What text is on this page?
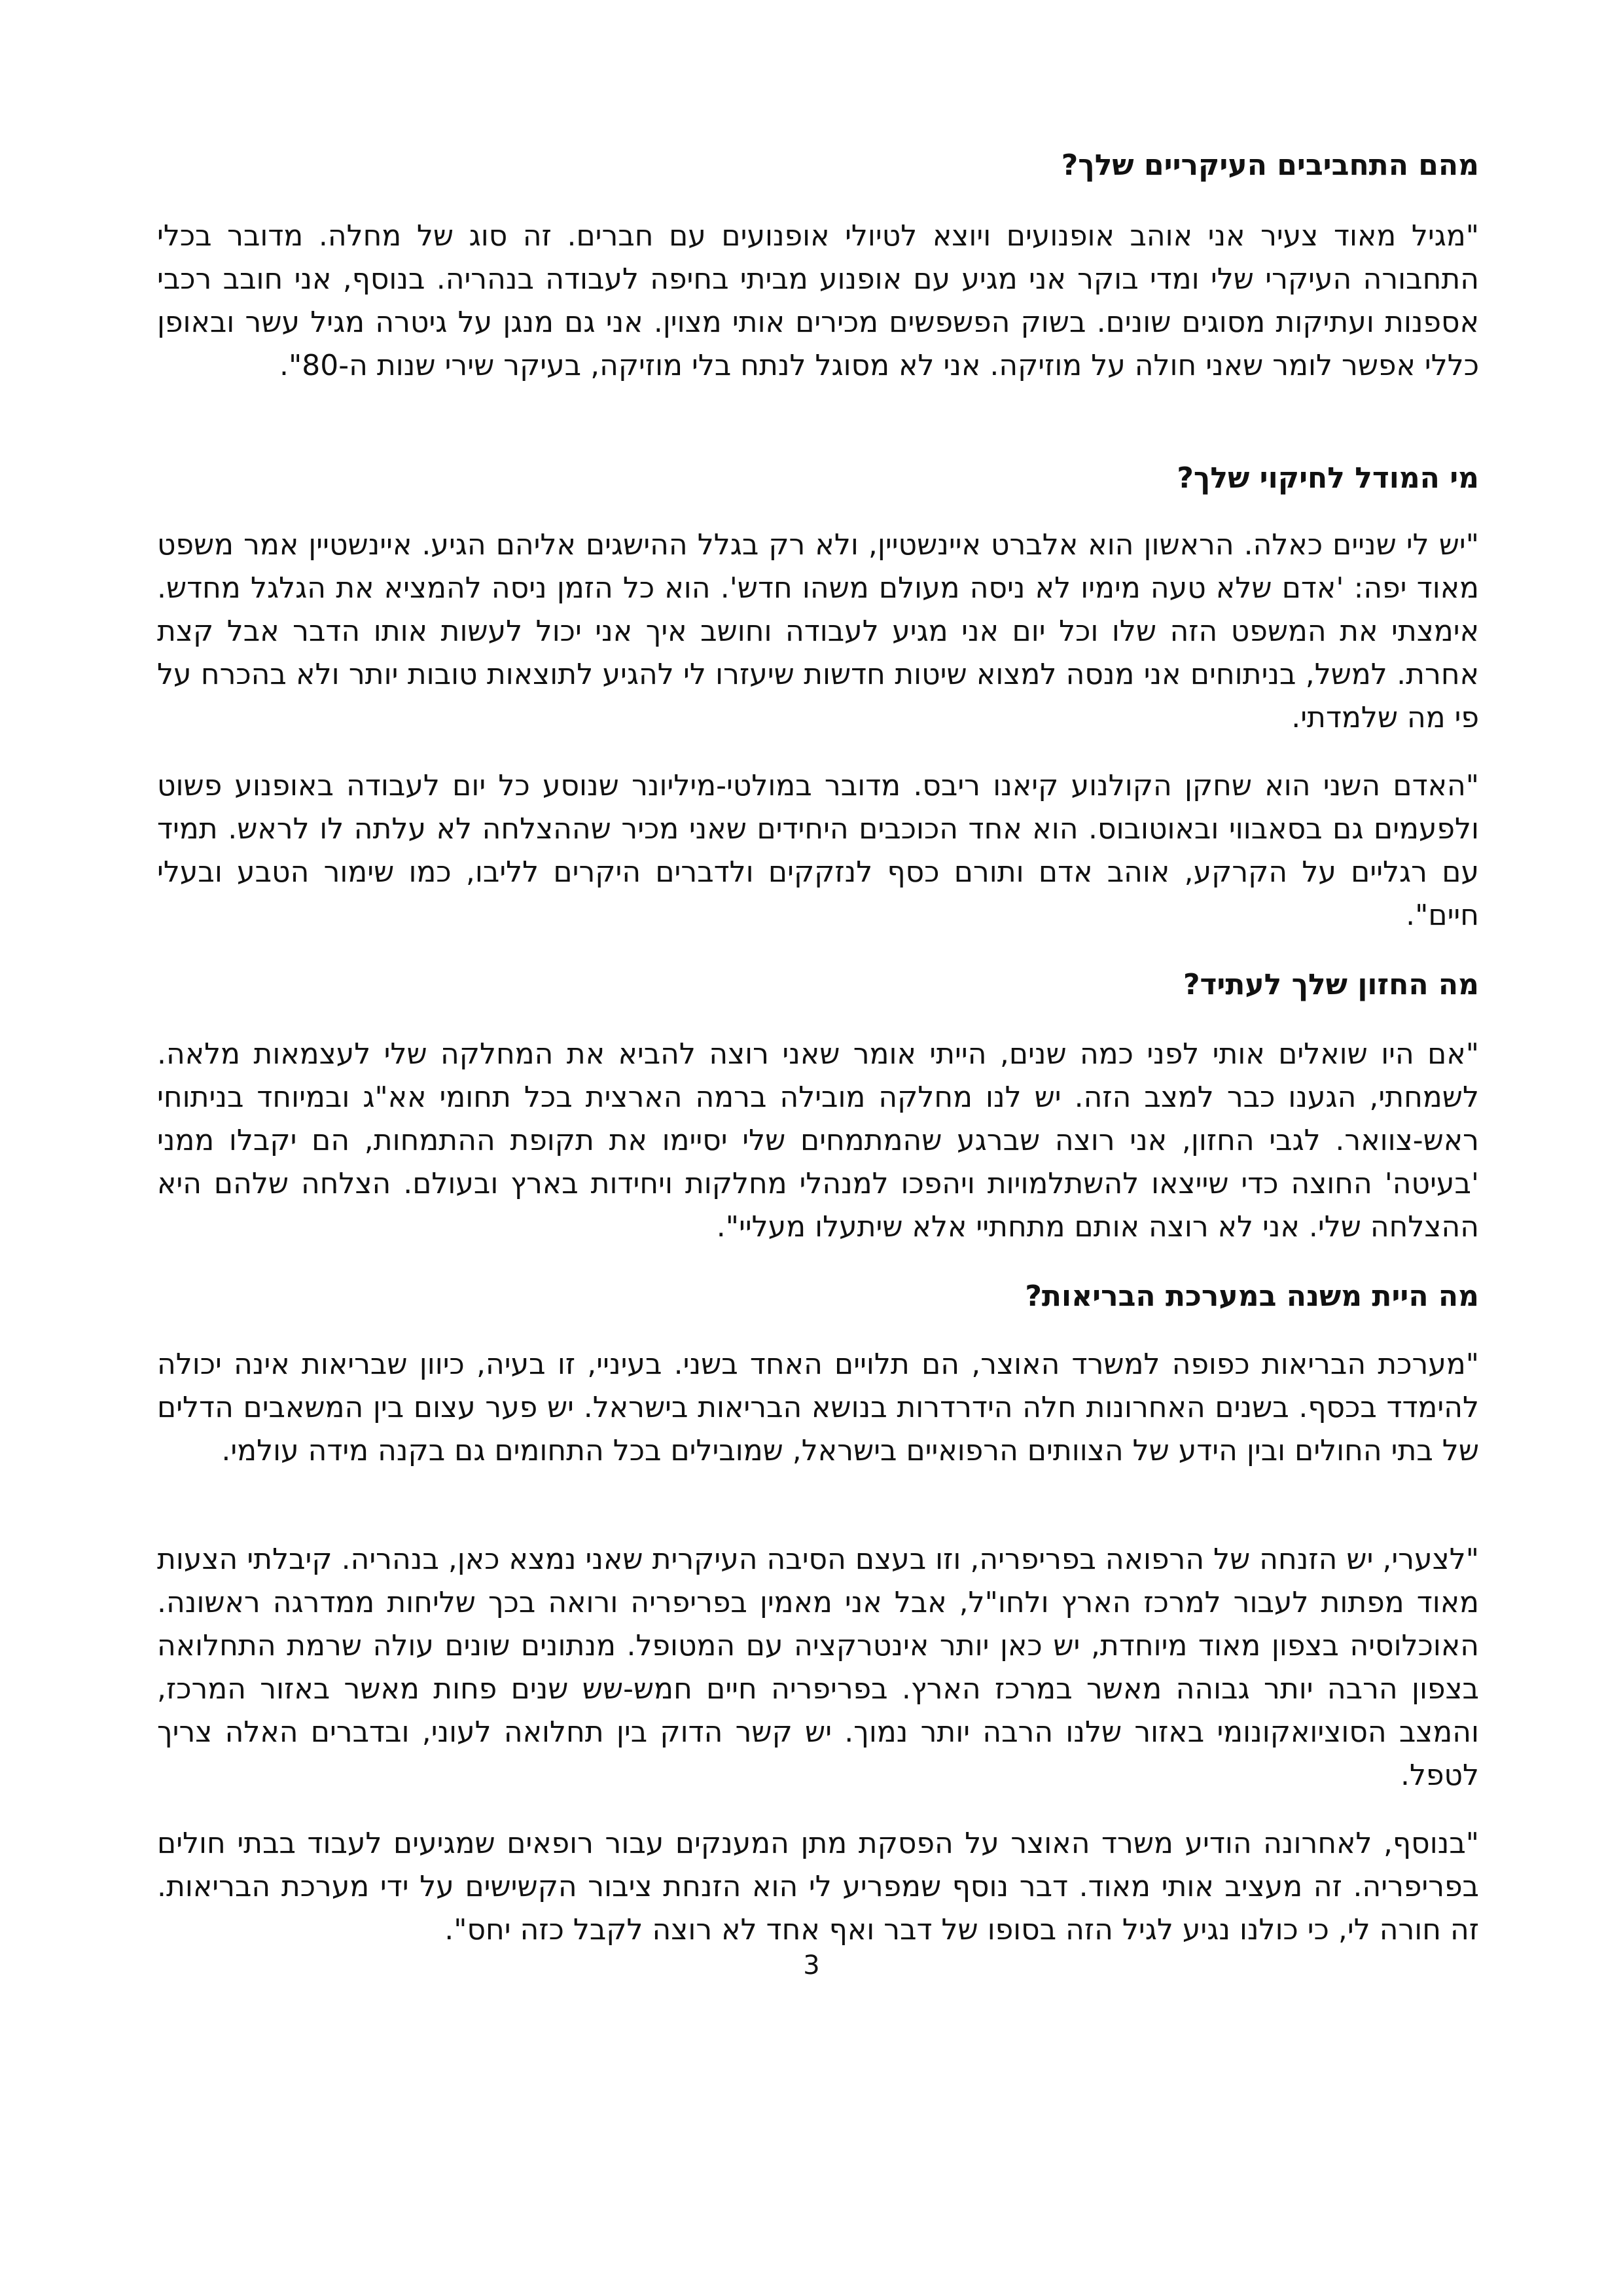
מהם התחביבים העיקריים שלך?

"מגיל מאוד צעיר אני אוהב אופנועים ויוצא לטיולי אופנועים עם חברים. זה סוג של מחלה. מדובר בכלי התחבורה העיקרי שלי ומדי בוקר אני מגיע עם אופנוע מביתי בחיפה לעבודה בנהריה. בנוסף, אני חובב רכבי אספנות ועתיקות מסוגים שונים. בשוק הפשפשים מכירים אותי מצוין. אני גם מנגן על גיטרה מגיל עשר ובאופן כללי אפשר לומר שאני חולה על מוזיקה. אני לא מסוגל לנתח בלי מוזיקה, בעיקר שירי שנות ה-80".

מי המודל לחיקוי שלך?

"יש לי שניים כאלה. הראשון הוא אלברט איינשטיין, ולא רק בגלל ההישגים אליהם הגיע. איינשטיין אמר משפט מאוד יפה: 'אדם שלא טעה מימיו לא ניסה מעולם משהו חדש'. הוא כל הזמן ניסה להמציא את הגלגל מחדש. אימצתי את המשפט הזה שלו וכל יום אני מגיע לעבודה וחושב איך אני יכול לעשות אותו הדבר אבל קצת אחרת. למשל, בניתוחים אני מנסה למצוא שיטות חדשות שיעזרו לי להגיע לתוצאות טובות יותר ולא בהכרח על פי מה שלמדתי.

"האדם השני הוא שחקן הקולנוע קיאנו ריבס. מדובר במולטי-מיליונר שנוסע כל יום לעבודה באופנוע פשוט ולפעמים גם בסאבווי ובאוטובוס. הוא אחד הכוכבים היחידים שאני מכיר שההצלחה לא עלתה לו לראש. תמיד עם רגליים על הקרקע, אוהב אדם ותורם כסף לנזקקים ולדברים היקרים לליבו, כמו שימור הטבע ובעלי חיים".

מה החזון שלך לעתיד?

"אם היו שואלים אותי לפני כמה שנים, הייתי אומר שאני רוצה להביא את המחלקה שלי לעצמאות מלאה. לשמחתי, הגענו כבר למצב הזה. יש לנו מחלקה מובילה ברמה הארצית בכל תחומי אא"ג ובמיוחד בניתוחי ראש-צוואר. לגבי החזון, אני רוצה שברגע שהמתמחים שלי יסיימו את תקופת ההתמחות, הם יקבלו ממני 'בעיטה' החוצה כדי שייצאו להשתלמויות ויהפכו למנהלי מחלקות ויחידות בארץ ובעולם. הצלחה שלהם היא ההצלחה שלי. אני לא רוצה אותם מתחתיי אלא שיתעלו מעליי".

מה היית משנה במערכת הבריאות?

"מערכת הבריאות כפופה למשרד האוצר, הם תלויים האחד בשני. בעיניי, זו בעיה, כיוון שבריאות אינה יכולה להימדד בכסף. בשנים האחרונות חלה הידרדרות בנושא הבריאות בישראל. יש פער עצום בין המשאבים הדלים של בתי החולים ובין הידע של הצוותים הרפואיים בישראל, שמובילים בכל התחומים גם בקנה מידה עולמי.

"לצערי, יש הזנחה של הרפואה בפריפריה, וזו בעצם הסיבה העיקרית שאני נמצא כאן, בנהריה. קיבלתי הצעות מאוד מפתות לעבור למרכז הארץ ולחו"ל, אבל אני מאמין בפריפריה ורואה בכך שליחות ממדרגה ראשונה. האוכלוסיה בצפון מאוד מיוחדת, יש כאן יותר אינטרקציה עם המטופל. מנתונים שונים עולה שרמת התחלואה בצפון הרבה יותר גבוהה מאשר במרכז הארץ. בפריפריה חיים חמש-שש שנים פחות מאשר באזור המרכז, והמצב הסוציואקונומי באזור שלנו הרבה יותר נמוך. יש קשר הדוק בין תחלואה לעוני, ובדברים האלה צריך לטפל.

"בנוסף, לאחרונה הודיע משרד האוצר על הפסקת מתן המענקים עבור רופאים שמגיעים לעבוד בבתי חולים בפריפריה. זה מעציב אותי מאוד. דבר נוסף שמפריע לי הוא הזנחת ציבור הקשישים על ידי מערכת הבריאות. זה חורה לי, כי כולנו נגיע לגיל הזה בסופו של דבר ואף אחד לא רוצה לקבל כזה יחס".

3
